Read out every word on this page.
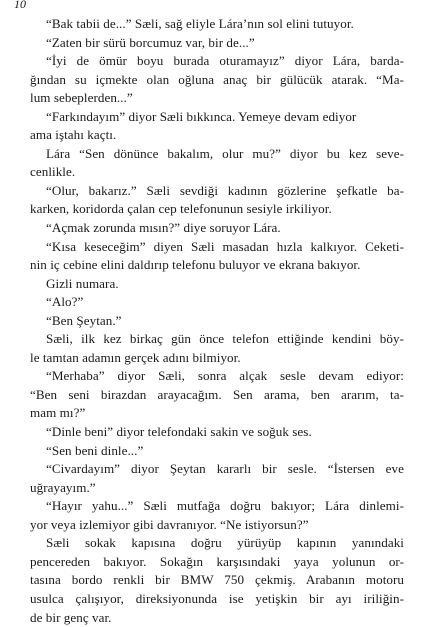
10
“Bak tabii de...” Sæli, sağ eliyle Lára’nın sol elini tutuyor.
“Zaten bir sürü borcumuz var, bir de...”
“İyi de ömür boyu burada oturamayız” diyor Lára, barda-
ğından su içmekte olan oğluna anaç bir gülücük atarak. “Ma-
lum sebeplerden...”
“Farkındayım” diyor Sæli bıkkınca. Yemeye devam ediyor
ama iştahı kaçtı.
Lára “Sen dönünce bakalım, olur mu?” diyor bu kez seve-
cenlikle.
“Olur, bakarız.” Sæli sevdiği kadının gözlerine şefkatle ba-
karken, koridorda çalan cep telefonunun sesiyle irkiliyor.
“Açmak zorunda mısın?” diye soruyor Lára.
“Kısa keseceğim” diyen Sæli masadan hızla kalkıyor. Ceketi-
nin iç cebine elini daldırıp telefonu buluyor ve ekrana bakıyor.
Gizli numara.
“Alo?”
“Ben Şeytan.”
Sæli, ilk kez birkaç gün önce telefon ettiğinde kendini böy-
le tamtan adamın gerçek adını bilmiyor.
“Merhaba” diyor Sæli, sonra alçak sesle devam ediyor:
“Ben seni birazdan arayacağım. Sen arama, ben ararım, ta-
mam mı?”
“Dinle beni” diyor telefondaki sakin ve soğuk ses.
“Sen beni dinle...”
“Civardayım” diyor Şeytan kararlı bir sesle. “İstersen eve
uğrayayım.”
“Hayır yahu...” Sæli mutfağa doğru bakıyor; Lára dinlemi-
yor veya izlemiyor gibi davranıyor. “Ne istiyorsun?”
Sæli sokak kapısına doğru yürüyüp kapının yanındaki
pencereden bakıyor. Sokağın karşısındaki yaya yolunun or-
tasına bordo renkli bir BMW 750 çekmiş. Arabanın motoru
usulca çalışıyor, direksiyonunda ise yetişkin bir ayı iriliğin-
de bir genç var.
